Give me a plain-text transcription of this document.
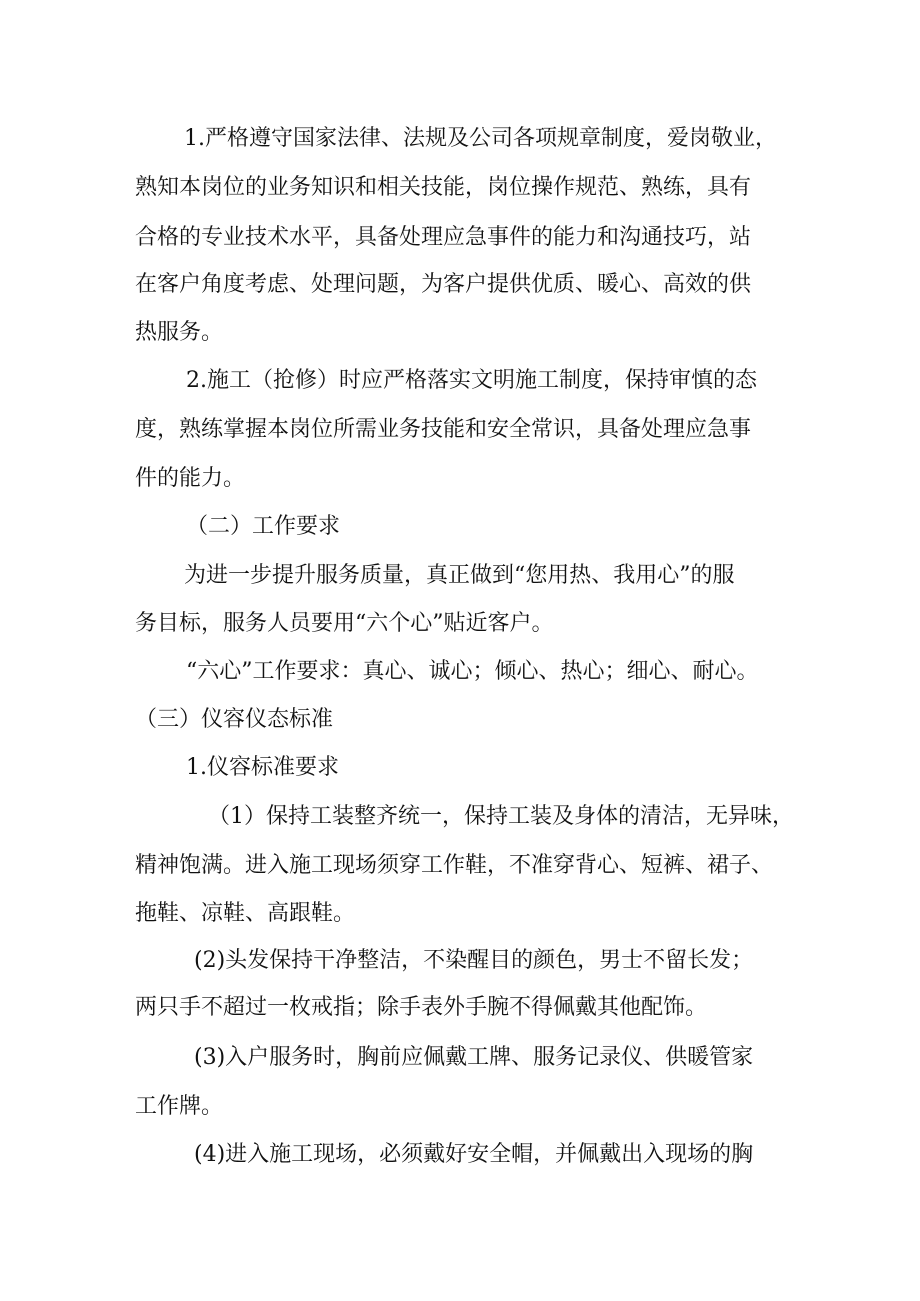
1.严格遵守国家法律、法规及公司各项规章制度，爱岗敬业，
熟知本岗位的业务知识和相关技能，岗位操作规范、熟练，具有
合格的专业技术水平，具备处理应急事件的能力和沟通技巧，站
在客户角度考虑、处理问题，为客户提供优质、暖心、高效的供
热服务。
2.施工（抢修）时应严格落实文明施工制度，保持审慎的态
度，熟练掌握本岗位所需业务技能和安全常识，具备处理应急事
件的能力。
（二）工作要求
为进一步提升服务质量，真正做到“您用热、我用心”的服
务目标，服务人员要用“六个心”贴近客户。
“六心”工作要求：真心、诚心；倾心、热心；细心、耐心。
（三）仪容仪态标准
1.仪容标准要求
（1）保持工装整齐统一，保持工装及身体的清洁，无异味，
精神饱满。进入施工现场须穿工作鞋，不准穿背心、短裤、裙子、
拖鞋、凉鞋、高跟鞋。
(2)头发保持干净整洁，不染醒目的颜色，男士不留长发；
两只手不超过一枚戒指；除手表外手腕不得佩戴其他配饰。
(3)入户服务时，胸前应佩戴工牌、服务记录仪、供暖管家
工作牌。
(4)进入施工现场，必须戴好安全帽，并佩戴出入现场的胸
